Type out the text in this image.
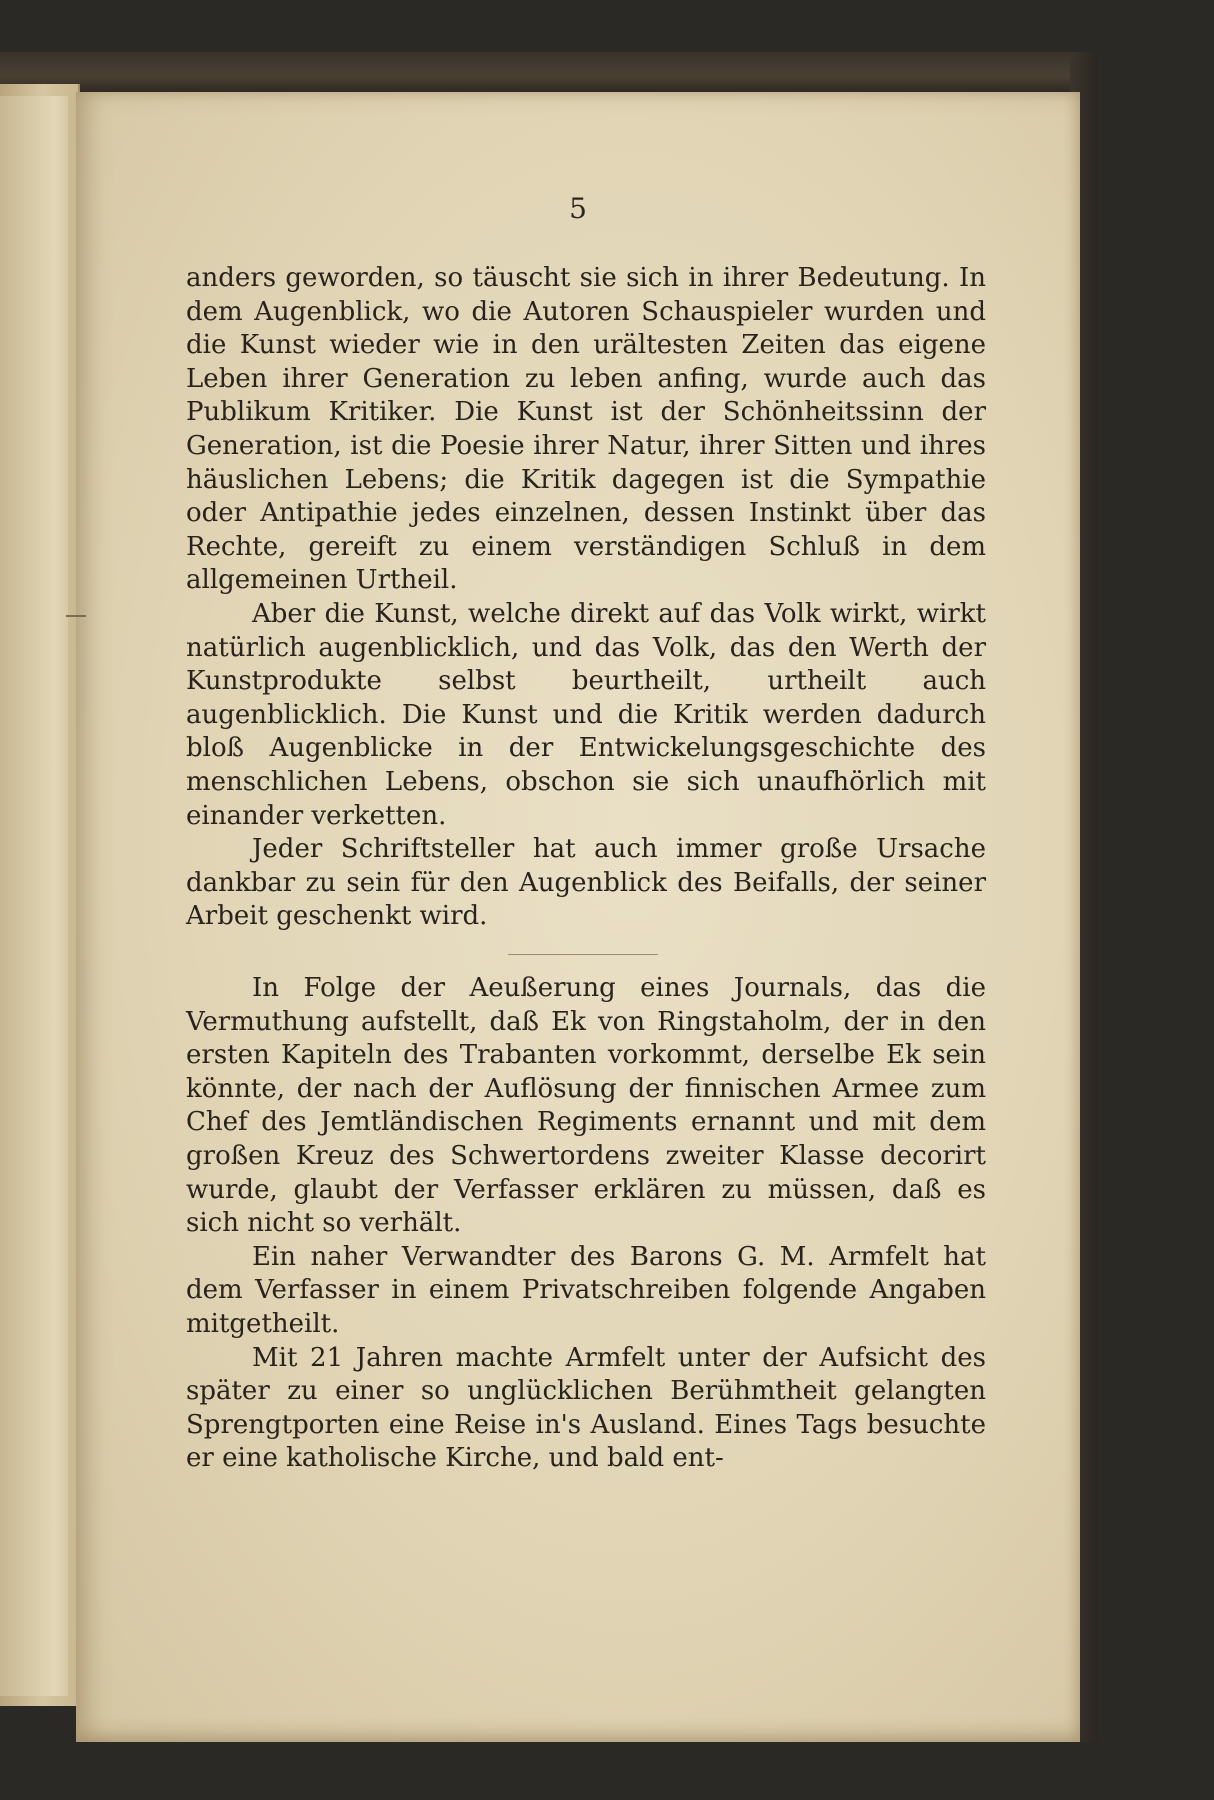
5

anders geworden, so täuscht sie sich in ihrer Bedeutung. In dem Augenblick, wo die Autoren Schauspieler wurden und die Kunst wieder wie in den urältesten Zeiten das eigene Leben ihrer Generation zu leben anfing, wurde auch das Publikum Kritiker. Die Kunst ist der Schönheitssinn der Generation, ist die Poesie ihrer Natur, ihrer Sitten und ihres häuslichen Lebens; die Kritik dagegen ist die Sympathie oder Antipathie jedes einzelnen, dessen Instinkt über das Rechte, gereift zu einem verständigen Schluß in dem allgemeinen Urtheil.

Aber die Kunst, welche direkt auf das Volk wirkt, wirkt natürlich augenblicklich, und das Volk, das den Werth der Kunstprodukte selbst beurtheilt, urtheilt auch augenblicklich. Die Kunst und die Kritik werden dadurch bloß Augenblicke in der Entwickelungsgeschichte des menschlichen Lebens, obschon sie sich unaufhörlich mit einander verketten.

Jeder Schriftsteller hat auch immer große Ursache dankbar zu sein für den Augenblick des Beifalls, der seiner Arbeit geschenkt wird.

In Folge der Aeußerung eines Journals, das die Vermuthung aufstellt, daß Ek von Ringstaholm, der in den ersten Kapiteln des Trabanten vorkommt, derselbe Ek sein könnte, der nach der Auflösung der finnischen Armee zum Chef des Jemtländischen Regiments ernannt und mit dem großen Kreuz des Schwertordens zweiter Klasse decorirt wurde, glaubt der Verfasser erklären zu müssen, daß es sich nicht so verhält.

Ein naher Verwandter des Barons G. M. Armfelt hat dem Verfasser in einem Privatschreiben folgende Angaben mitgetheilt.

Mit 21 Jahren machte Armfelt unter der Aufsicht des später zu einer so unglücklichen Berühmtheit gelangten Sprengtporten eine Reise in's Ausland. Eines Tags besuchte er eine katholische Kirche, und bald ent-
